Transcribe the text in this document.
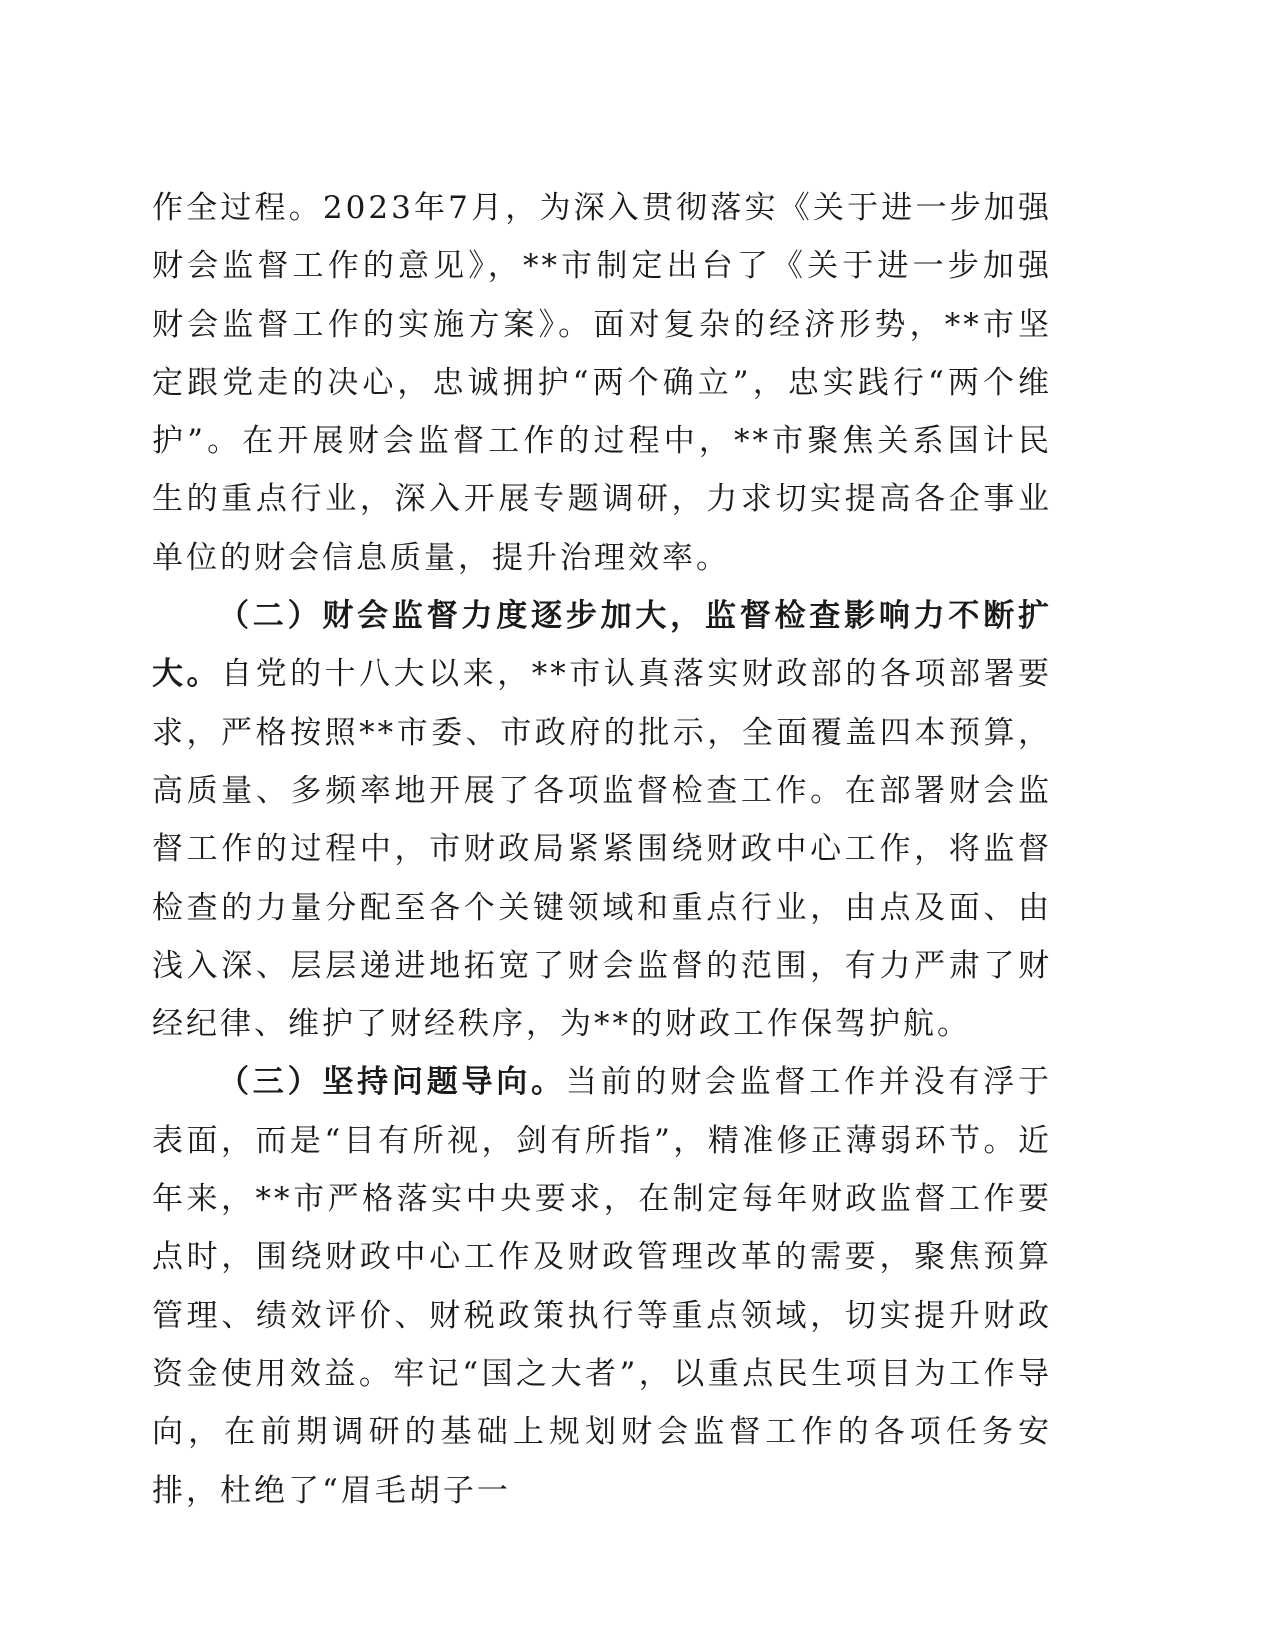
作全过程。2023年7月，为深入贯彻落实《关于进一步加强财会监督工作的意见》，**市制定出台了《关于进一步加强财会监督工作的实施方案》。面对复杂的经济形势，**市坚定跟党走的决心，忠诚拥护“两个确立”，忠实践行“两个维护”。在开展财会监督工作的过程中，**市聚焦关系国计民生的重点行业，深入开展专题调研，力求切实提高各企事业单位的财会信息质量，提升治理效率。

（二）财会监督力度逐步加大，监督检查影响力不断扩大。自党的十八大以来，**市认真落实财政部的各项部署要求，严格按照**市委、市政府的批示，全面覆盖四本预算，高质量、多频率地开展了各项监督检查工作。在部署财会监督工作的过程中，市财政局紧紧围绕财政中心工作，将监督检查的力量分配至各个关键领域和重点行业，由点及面、由浅入深、层层递进地拓宽了财会监督的范围，有力严肃了财经纪律、维护了财经秩序，为**的财政工作保驾护航。

（三）坚持问题导向。当前的财会监督工作并没有浮于表面，而是“目有所视，剑有所指”，精准修正薄弱环节。近年来，**市严格落实中央要求，在制定每年财政监督工作要点时，围绕财政中心工作及财政管理改革的需要，聚焦预算管理、绩效评价、财税政策执行等重点领域，切实提升财政资金使用效益。牢记“国之大者”，以重点民生项目为工作导向，在前期调研的基础上规划财会监督工作的各项任务安排，杜绝了“眉毛胡子一
